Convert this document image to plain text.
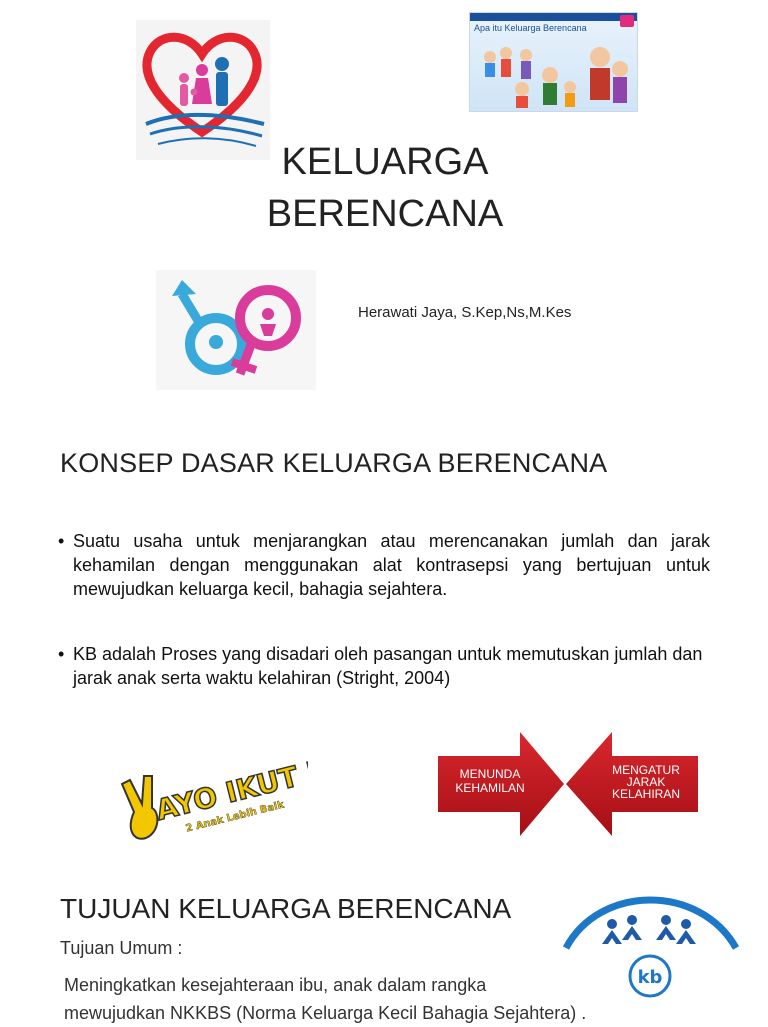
Apa itu Keluarga Berencana
KELUARGA
BERENCANA
Herawati Jaya, S.Kep,Ns,M.Kes
KONSEP DASAR KELUARGA BERENCANA
• Suatu usaha untuk menjarangkan atau merencanakan jumlah dan jarak kehamilan dengan menggunakan alat kontrasepsi yang bertujuan untuk mewujudkan keluarga kecil, bahagia sejahtera.
• KB adalah Proses yang disadari oleh pasangan untuk memutuskan jumlah dan jarak anak serta waktu kelahiran (Stright, 2004)
AYO IKUT KB
2 Anak Lebih Baik
MENUNDA
KEHAMILAN
MENGATUR
JARAK
KELAHIRAN
TUJUAN KELUARGA BERENCANA
Tujuan Umum :
Meningkatkan kesejahteraan ibu, anak dalam rangka
mewujudkan NKKBS (Norma Keluarga Kecil Bahagia Sejahtera) .
kb
